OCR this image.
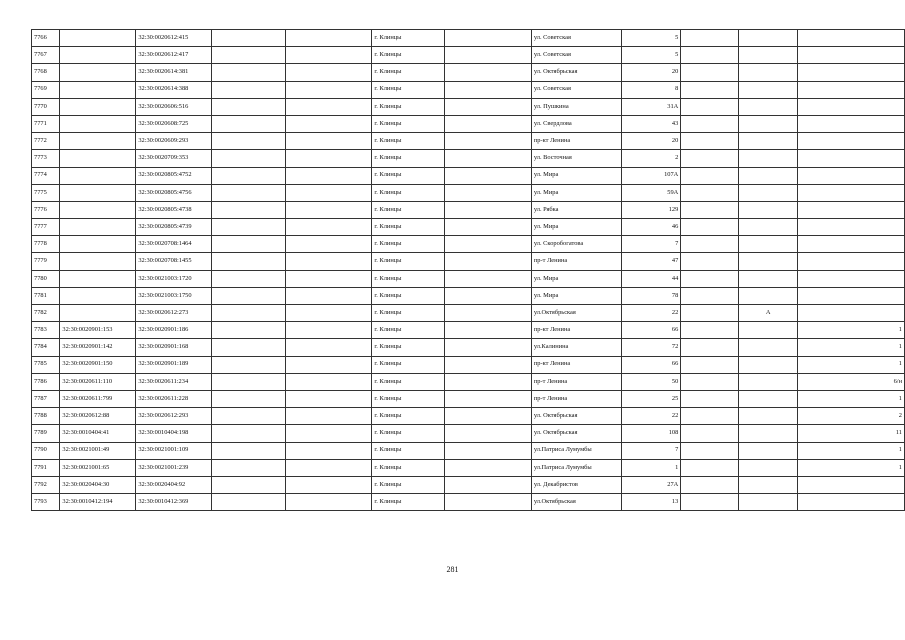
7766		32:30:0020612:415			г. Клинцы		ул. Советская	5			
7767		32:30:0020612:417			г. Клинцы		ул. Советская	5			
7768		32:30:0020614:381			г. Клинцы		ул. Октябрьская	20			
7769		32:30:0020614:388			г. Клинцы		ул. Советская	8			
7770		32:30:0020606:516			г. Клинцы		ул. Пушкина	31А			
7771		32:30:0020608:725			г. Клинцы		ул. Свердлова	43			
7772		32:30:0020609:293			г. Клинцы		пр-кт Ленина	20			
7773		32:30:0020709:353			г. Клинцы		ул. Восточная	2			
7774		32:30:0020805:4752			г. Клинцы		ул. Мира	107А			
7775		32:30:0020805:4756			г. Клинцы		ул. Мира	59А			
7776		32:30:0020805:4738			г. Клинцы		ул. Рябка	129			
7777		32:30:0020805:4739			г. Клинцы		ул. Мира	46			
7778		32:30:0020708:1464			г. Клинцы		ул. Скоробогатова	7			
7779		32:30:0020708:1455			г. Клинцы		пр-т Ленина	47			
7780		32:30:0021003:1720			г. Клинцы		ул. Мира	44			
7781		32:30:0021003:1750			г. Клинцы		ул. Мира	78			
7782		32:30:0020612:273			г. Клинцы		ул.Октябрьская	22		А	
7783	32:30:0020901:153	32:30:0020901:186			г. Клинцы		пр-кт Ленина	66			1
7784	32:30:0020901:142	32:30:0020901:168			г. Клинцы		ул.Калинина	72			1
7785	32:30:0020901:150	32:30:0020901:189			г. Клинцы		пр-кт Ленина	66			1
7786	32:30:0020611:110	32:30:0020611:234			г. Клинцы		пр-т Ленина	50			6/н
7787	32:30:0020611:799	32:30:0020611:228			г. Клинцы		пр-т Ленина	25			1
7788	32:30:0020612:88	32:30:0020612:293			г. Клинцы		ул. Октябрьская	22			2
7789	32:30:0010404:41	32:30:0010404:198			г. Клинцы		ул. Октябрьская	108			11
7790	32:30:0021001:49	32:30:0021001:109			г. Клинцы		ул.Патриса Лумумбы	7			1
7791	32:30:0021001:65	32:30:0021001:239			г. Клинцы		ул.Патриса Лумумбы	1			1
7792	32:30:0020404:30	32:30:0020404:92			г. Клинцы		ул. Декабристов	27А			
7793	32:30:0010412:194	32:30:0010412:369			г. Клинцы		ул.Октябрьская	13			
281
